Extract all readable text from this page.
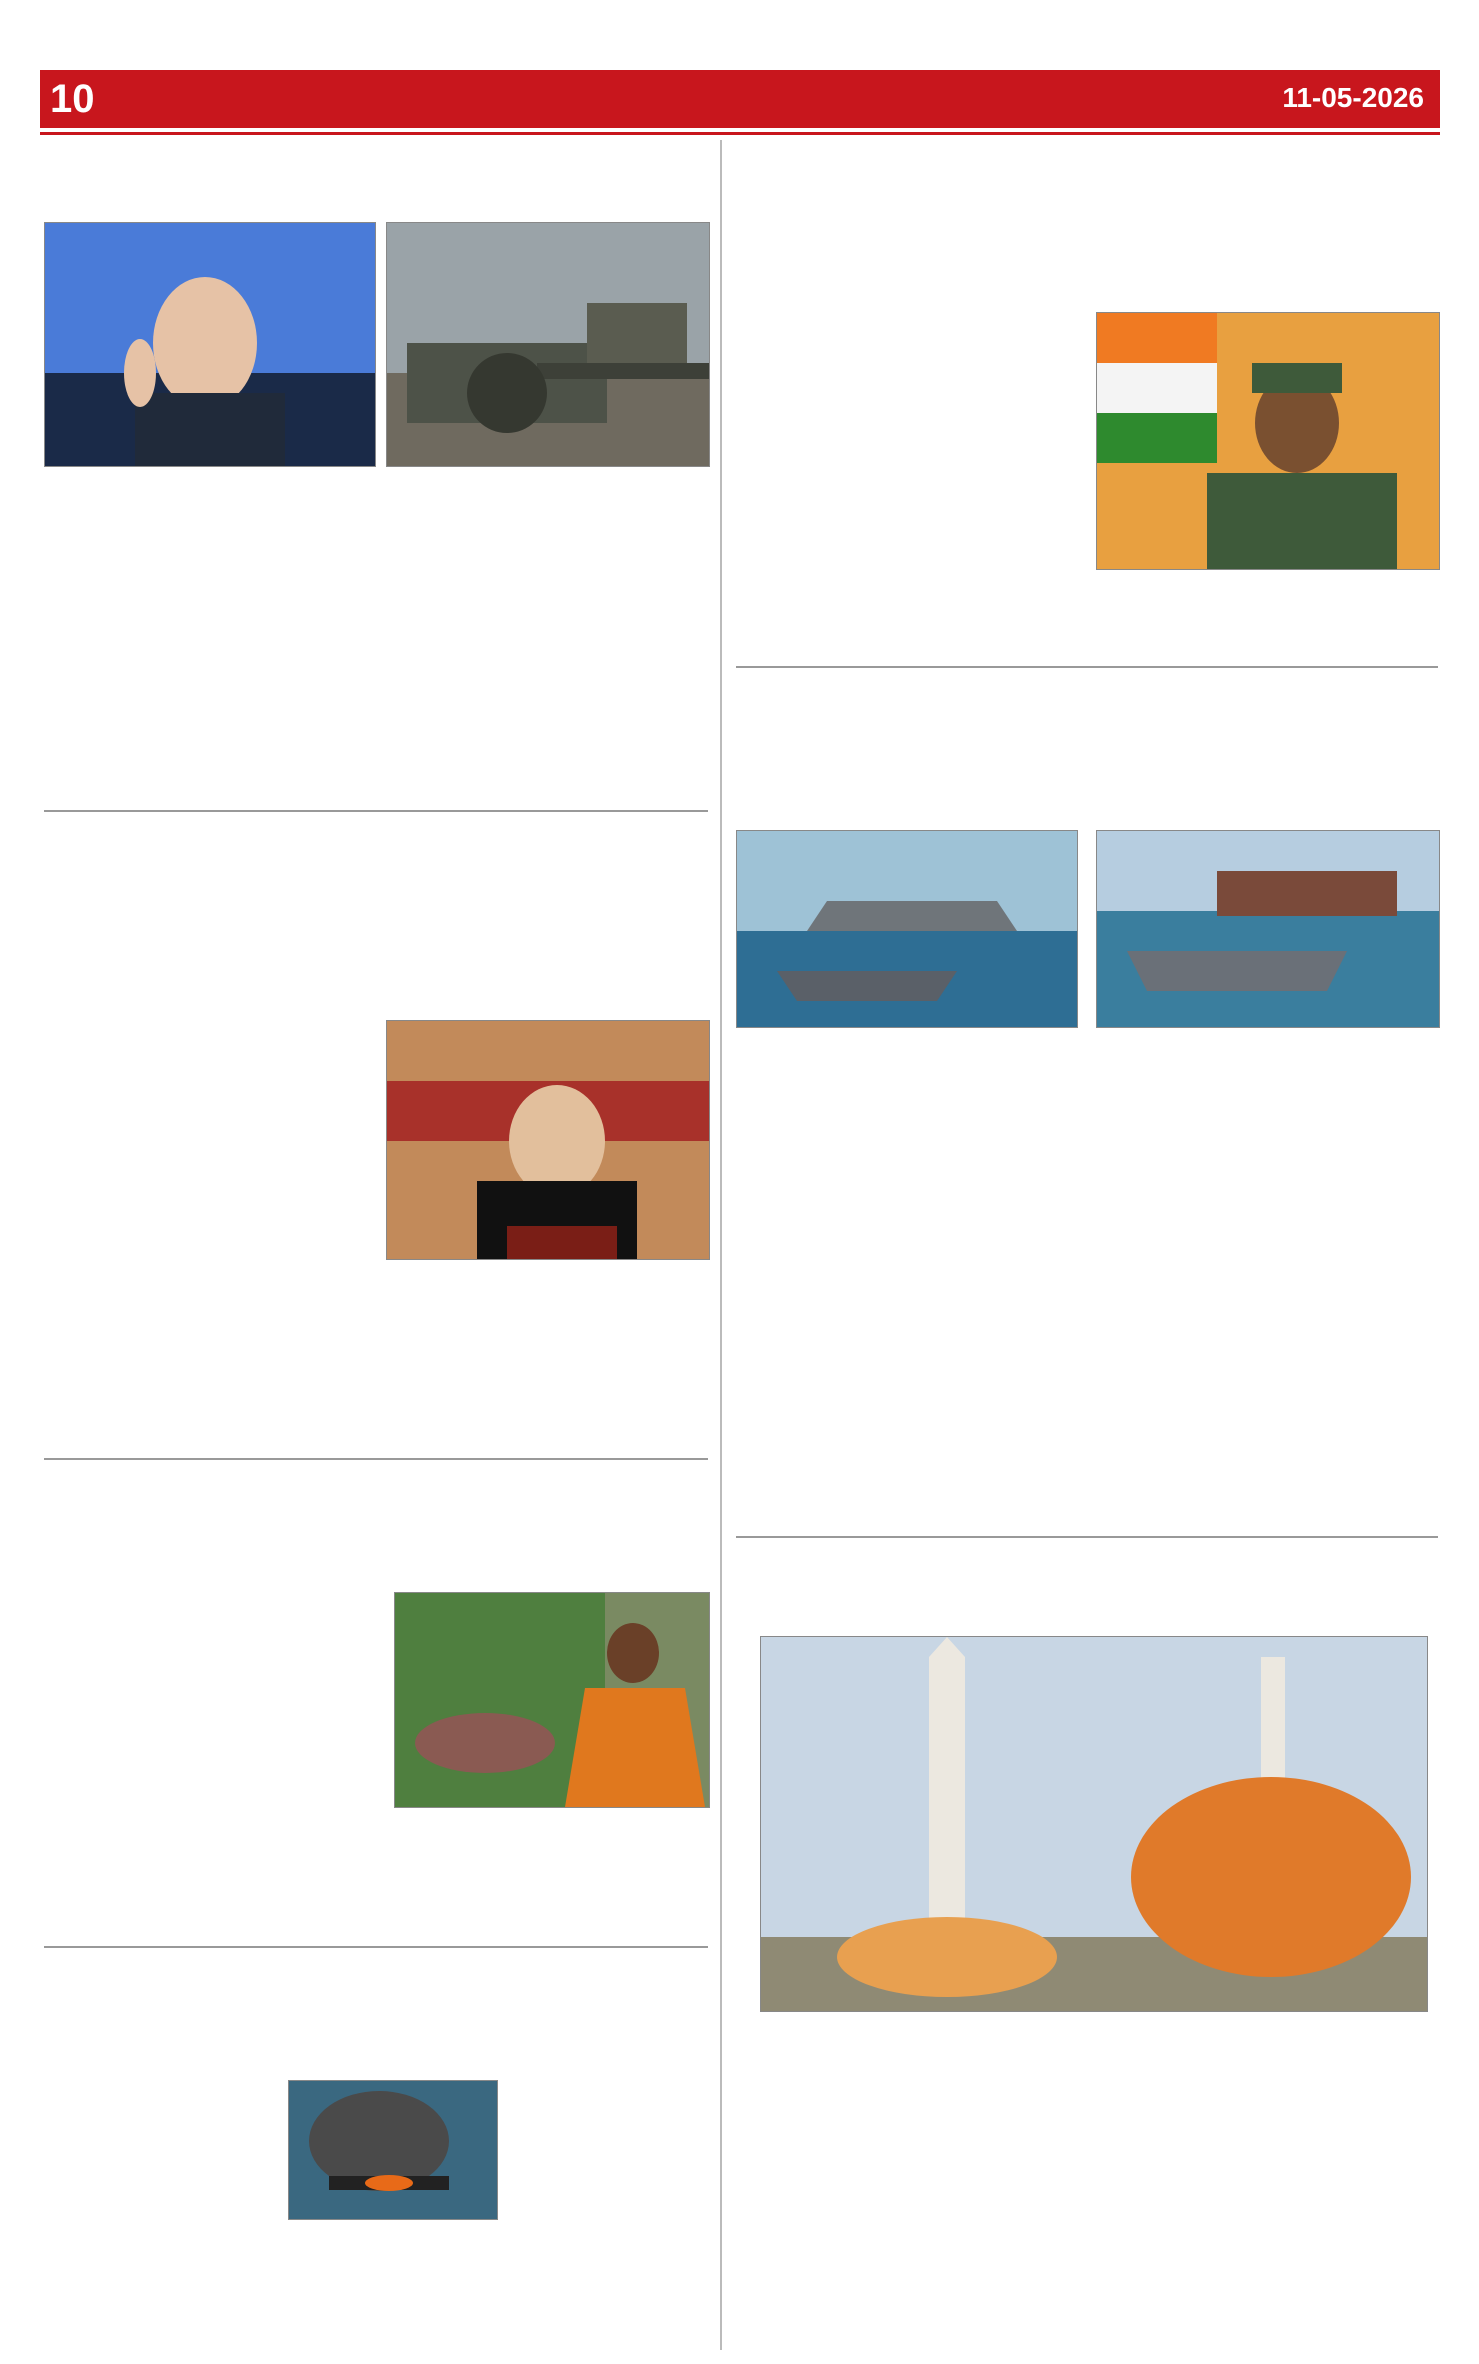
10	11-05-2026
